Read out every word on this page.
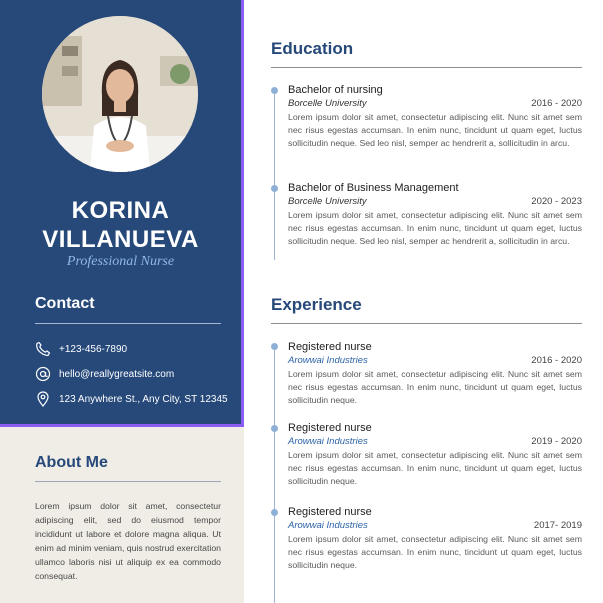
KORINA
VILLANUEVA
Professional Nurse
Contact
+123-456-7890
hello@reallygreatsite.com
123 Anywhere St., Any City, ST 12345
About Me
Lorem ipsum dolor sit amet, consectetur adipiscing elit, sed do eiusmod tempor incididunt ut labore et dolore magna aliqua. Ut enim ad minim veniam, quis nostrud exercitation ullamco laboris nisi ut aliquip ex ea commodo consequat.
Education
Bachelor of nursing
Borcelle University	2016 - 2020
Lorem ipsum dolor sit amet, consectetur adipiscing elit. Nunc sit amet sem nec risus egestas accumsan. In enim nunc, tincidunt ut quam eget, luctus sollicitudin neque. Sed leo nisl, semper ac hendrerit a, sollicitudin in arcu.
Bachelor of Business Management
Borcelle University	2020 - 2023
Lorem ipsum dolor sit amet, consectetur adipiscing elit. Nunc sit amet sem nec risus egestas accumsan. In enim nunc, tincidunt ut quam eget, luctus sollicitudin neque. Sed leo nisl, semper ac hendrerit a, sollicitudin in arcu.
Experience
Registered nurse
Arowwai Industries	2016 - 2020
Lorem ipsum dolor sit amet, consectetur adipiscing elit. Nunc sit amet sem nec risus egestas accumsan. In enim nunc, tincidunt ut quam eget, luctus sollicitudin neque.
Registered nurse
Arowwai Industries	2019 - 2020
Lorem ipsum dolor sit amet, consectetur adipiscing elit. Nunc sit amet sem nec risus egestas accumsan. In enim nunc, tincidunt ut quam eget, luctus sollicitudin neque.
Registered nurse
Arowwai Industries	2017- 2019
Lorem ipsum dolor sit amet, consectetur adipiscing elit. Nunc sit amet sem nec risus egestas accumsan. In enim nunc, tincidunt ut quam eget, luctus sollicitudin neque.
